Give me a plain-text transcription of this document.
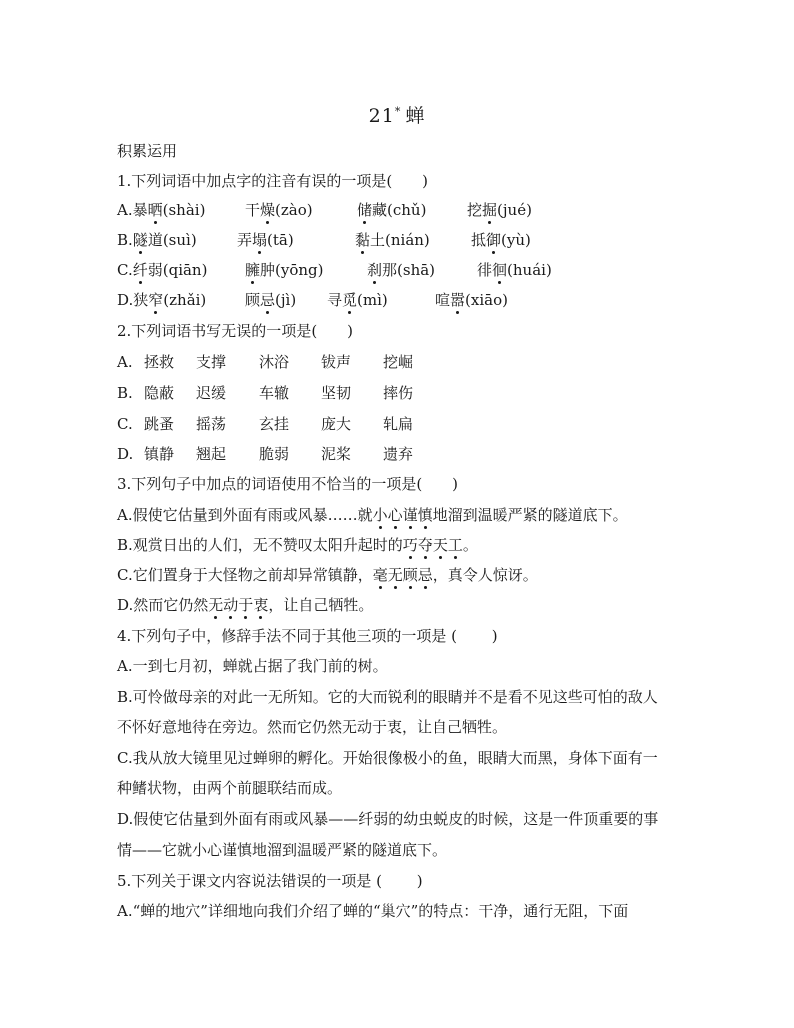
21* 蝉
积累运用
1.下列词语中加点字的注音有误的一项是(　　)
A.暴晒(shài)	干燥(zào)	储藏(chǔ)	挖掘(jué)
B.隧道(suì)	弄塌(tā)	黏土(nián)	抵御(yù)
C.纤弱(qiān)	臃肿(yōng)	刹那(shā)	徘徊(huái)
D.狭窄(zhǎi)	顾忌(jì) 寻觅(mì)	喧嚣(xiāo)
2.下列词语书写无误的一项是(　　)
A. 拯救 支撑 沐浴 钹声 挖崛
B. 隐蔽 迟缓 车辙 坚韧 摔伤
C. 跳蚤 摇荡 玄挂 庞大 轧扁
D. 镇静 翘起 脆弱 泥桨 遗弃
3.下列句子中加点的词语使用不恰当的一项是(　　)
A.假使它估量到外面有雨或风暴……就小心谨慎地溜到温暖严紧的隧道底下。
B.观赏日出的人们，无不赞叹太阳升起时的巧夺天工。
C.它们置身于大怪物之前却异常镇静，毫无顾忌，真令人惊讶。
D.然而它仍然无动于衷，让自己牺牲。
4.下列句子中，修辞手法不同于其他三项的一项是 (　　 )
A.一到七月初，蝉就占据了我门前的树。
B.可怜做母亲的对此一无所知。它的大而锐利的眼睛并不是看不见这些可怕的敌人
不怀好意地待在旁边。然而它仍然无动于衷，让自己牺牲。
C.我从放大镜里见过蝉卵的孵化。开始很像极小的鱼，眼睛大而黑，身体下面有一
种鳍状物，由两个前腿联结而成。
D.假使它估量到外面有雨或风暴——纤弱的幼虫蜕皮的时候，这是一件顶重要的事
情——它就小心谨慎地溜到温暖严紧的隧道底下。
5.下列关于课文内容说法错误的一项是 (　　 )
A.“蝉的地穴”详细地向我们介绍了蝉的“巢穴”的特点：干净，通行无阻，下面
